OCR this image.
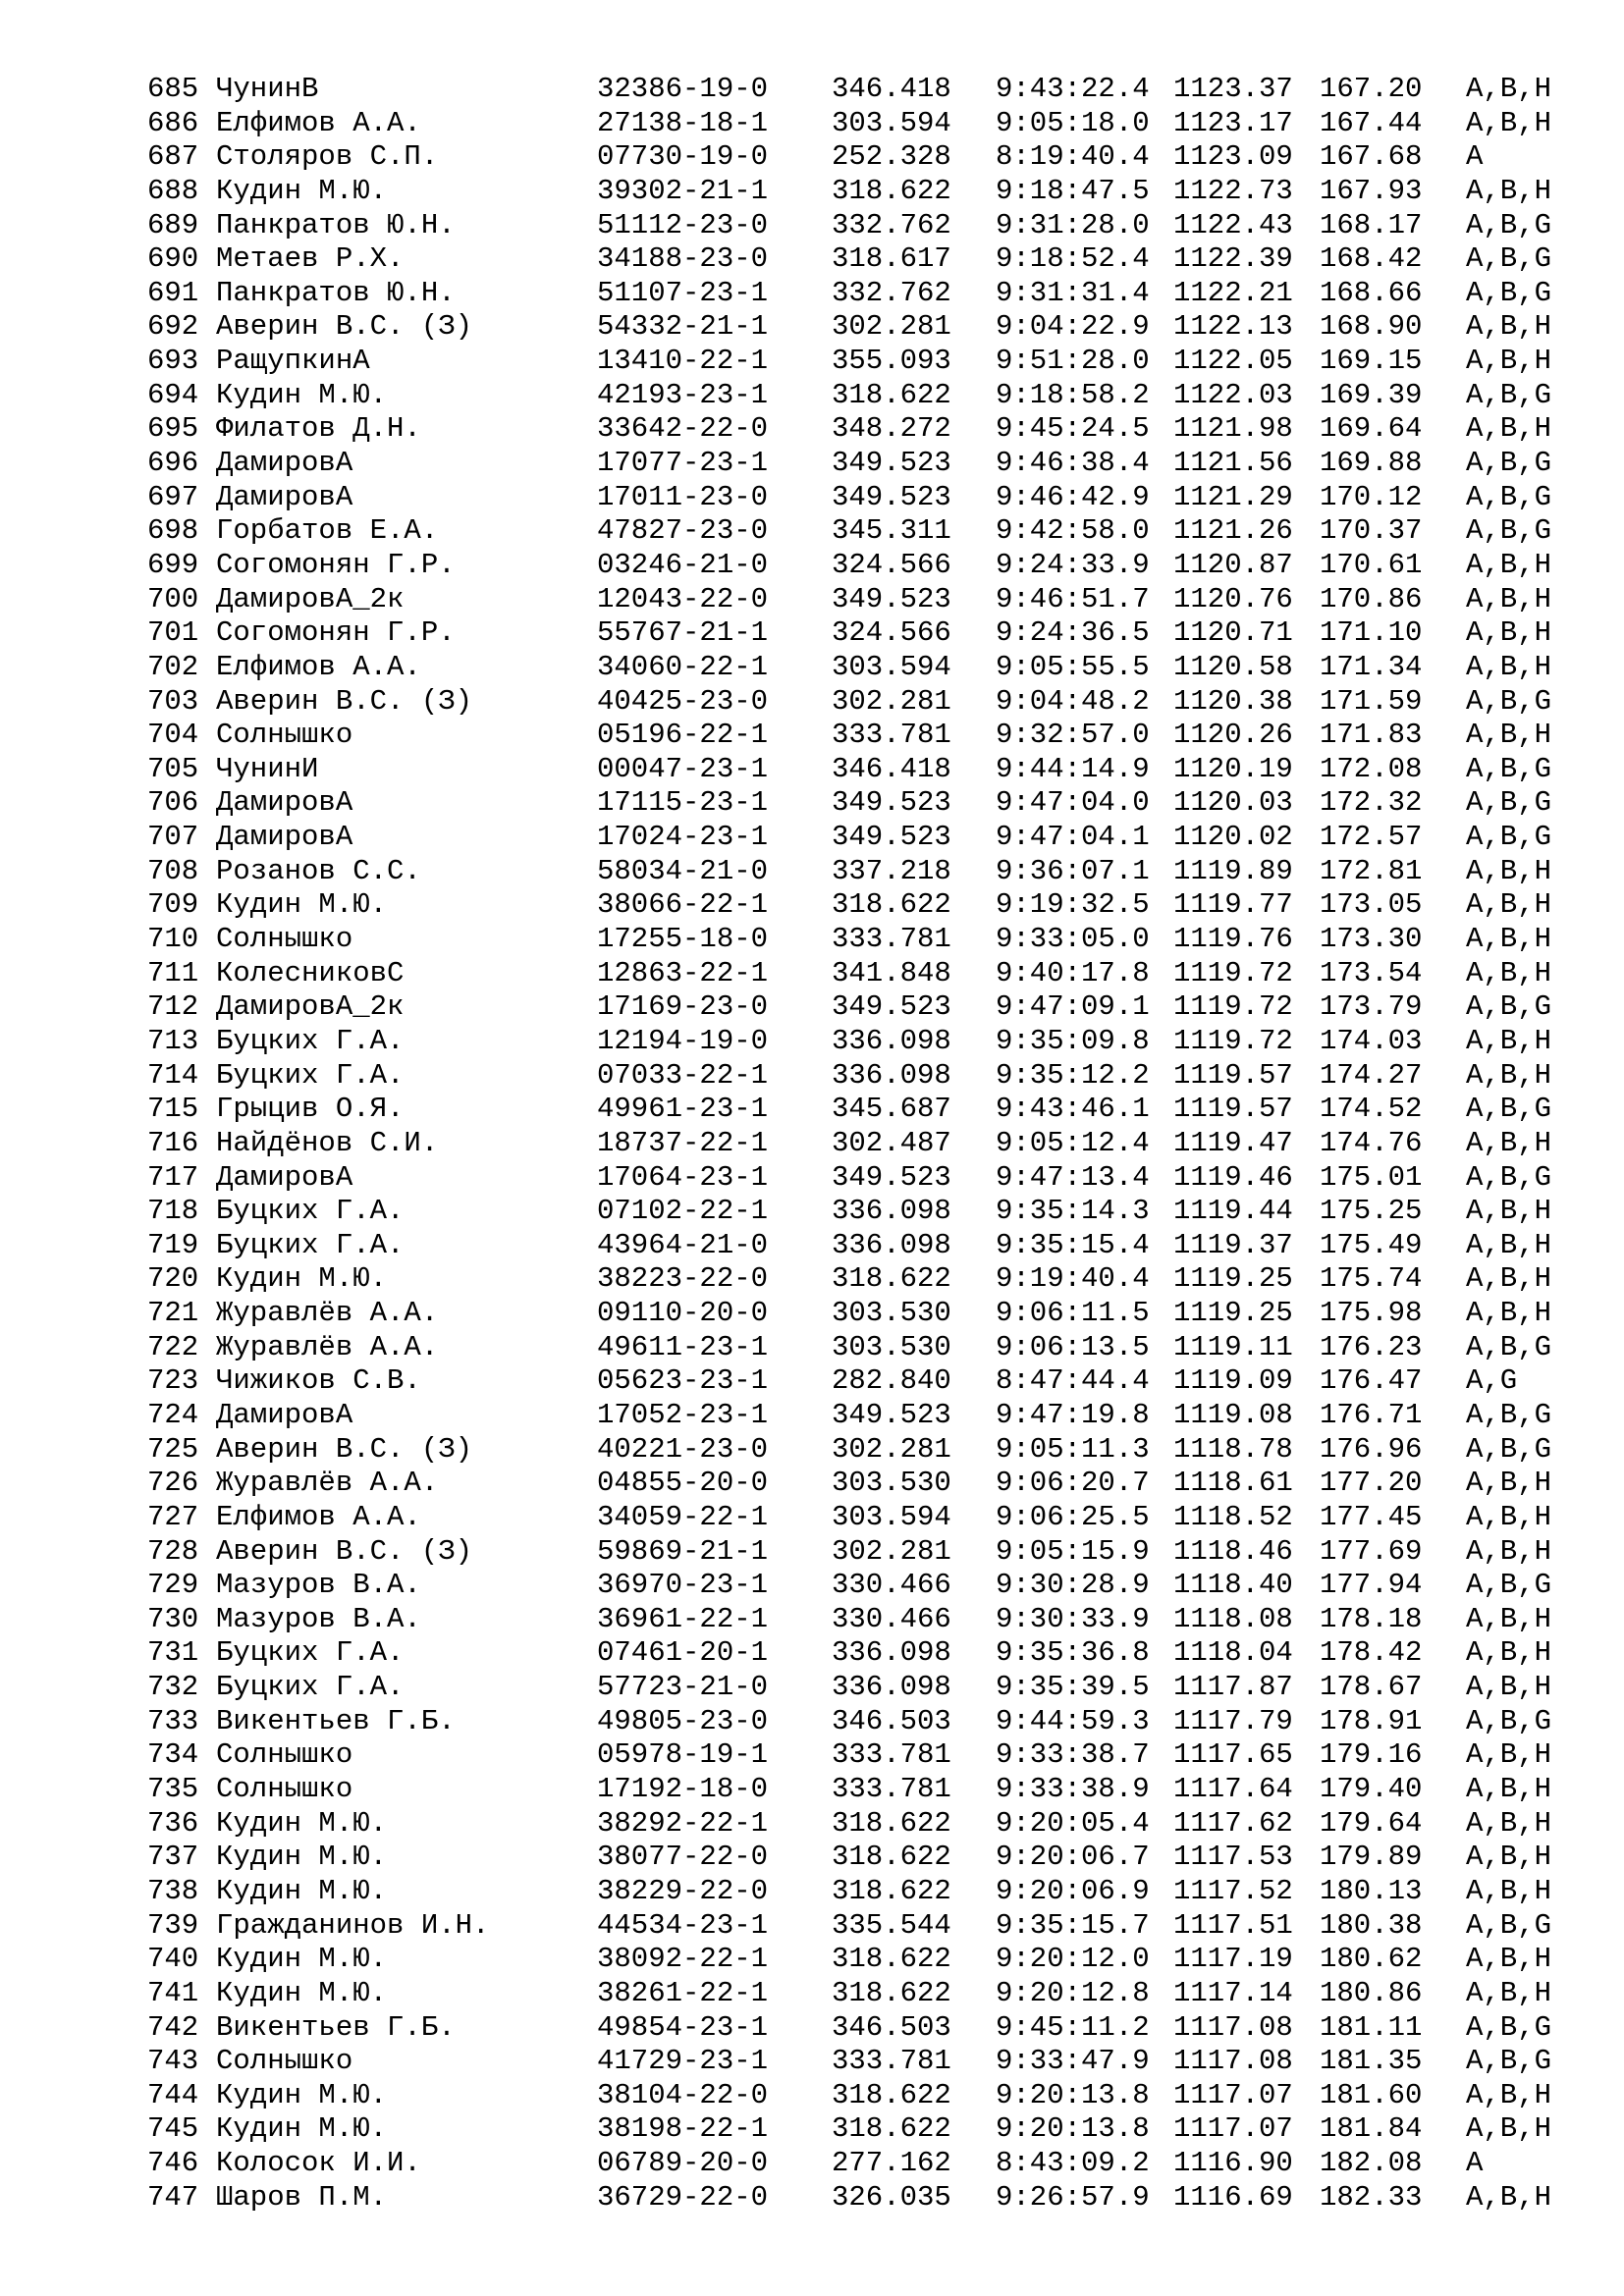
685 ЧунинВ	32386-19-0 346.418 9:43:22.4 1123.37 167.20 A,B,H
686 Елфимов А.А.	27138-18-1 303.594 9:05:18.0 1123.17 167.44 A,B,H
687 Столяров С.П.	07730-19-0 252.328 8:19:40.4 1123.09 167.68 A
688 Кудин М.Ю.	39302-21-1 318.622 9:18:47.5 1122.73 167.93 A,B,H
689 Панкратов Ю.Н.	51112-23-0 332.762 9:31:28.0 1122.43 168.17 A,B,G
690 Метаев Р.Х.	34188-23-0 318.617 9:18:52.4 1122.39 168.42 A,B,G
691 Панкратов Ю.Н.	51107-23-1 332.762 9:31:31.4 1122.21 168.66 A,B,G
692 Аверин В.С. (З)	54332-21-1 302.281 9:04:22.9 1122.13 168.90 A,B,H
693 РащупкинА	13410-22-1 355.093 9:51:28.0 1122.05 169.15 A,B,H
694 Кудин М.Ю.	42193-23-1 318.622 9:18:58.2 1122.03 169.39 A,B,G
695 Филатов Д.Н.	33642-22-0 348.272 9:45:24.5 1121.98 169.64 A,B,H
696 ДамировА	17077-23-1 349.523 9:46:38.4 1121.56 169.88 A,B,G
697 ДамировА	17011-23-0 349.523 9:46:42.9 1121.29 170.12 A,B,G
698 Горбатов Е.А.	47827-23-0 345.311 9:42:58.0 1121.26 170.37 A,B,G
699 Согомонян Г.Р.	03246-21-0 324.566 9:24:33.9 1120.87 170.61 A,B,H
700 ДамировА_2к	12043-22-0 349.523 9:46:51.7 1120.76 170.86 A,B,H
701 Согомонян Г.Р.	55767-21-1 324.566 9:24:36.5 1120.71 171.10 A,B,H
702 Елфимов А.А.	34060-22-1 303.594 9:05:55.5 1120.58 171.34 A,B,H
703 Аверин В.С. (З)	40425-23-0 302.281 9:04:48.2 1120.38 171.59 A,B,G
704 Солнышко	05196-22-1 333.781 9:32:57.0 1120.26 171.83 A,B,H
705 ЧунинИ	00047-23-1 346.418 9:44:14.9 1120.19 172.08 A,B,G
706 ДамировА	17115-23-1 349.523 9:47:04.0 1120.03 172.32 A,B,G
707 ДамировА	17024-23-1 349.523 9:47:04.1 1120.02 172.57 A,B,G
708 Розанов С.С.	58034-21-0 337.218 9:36:07.1 1119.89 172.81 A,B,H
709 Кудин М.Ю.	38066-22-1 318.622 9:19:32.5 1119.77 173.05 A,B,H
710 Солнышко	17255-18-0 333.781 9:33:05.0 1119.76 173.30 A,B,H
711 КолесниковС	12863-22-1 341.848 9:40:17.8 1119.72 173.54 A,B,H
712 ДамировА_2к	17169-23-0 349.523 9:47:09.1 1119.72 173.79 A,B,G
713 Буцких Г.А.	12194-19-0 336.098 9:35:09.8 1119.72 174.03 A,B,H
714 Буцких Г.А.	07033-22-1 336.098 9:35:12.2 1119.57 174.27 A,B,H
715 Грыцив О.Я.	49961-23-1 345.687 9:43:46.1 1119.57 174.52 A,B,G
716 Найдёнов С.И.	18737-22-1 302.487 9:05:12.4 1119.47 174.76 A,B,H
717 ДамировА	17064-23-1 349.523 9:47:13.4 1119.46 175.01 A,B,G
718 Буцких Г.А.	07102-22-1 336.098 9:35:14.3 1119.44 175.25 A,B,H
719 Буцких Г.А.	43964-21-0 336.098 9:35:15.4 1119.37 175.49 A,B,H
720 Кудин М.Ю.	38223-22-0 318.622 9:19:40.4 1119.25 175.74 A,B,H
721 Журавлёв А.А.	09110-20-0 303.530 9:06:11.5 1119.25 175.98 A,B,H
722 Журавлёв А.А.	49611-23-1 303.530 9:06:13.5 1119.11 176.23 A,B,G
723 Чижиков С.В.	05623-23-1 282.840 8:47:44.4 1119.09 176.47 A,G
724 ДамировА	17052-23-1 349.523 9:47:19.8 1119.08 176.71 A,B,G
725 Аверин В.С. (З)	40221-23-0 302.281 9:05:11.3 1118.78 176.96 A,B,G
726 Журавлёв А.А.	04855-20-0 303.530 9:06:20.7 1118.61 177.20 A,B,H
727 Елфимов А.А.	34059-22-1 303.594 9:06:25.5 1118.52 177.45 A,B,H
728 Аверин В.С. (З)	59869-21-1 302.281 9:05:15.9 1118.46 177.69 A,B,H
729 Мазуров В.А.	36970-23-1 330.466 9:30:28.9 1118.40 177.94 A,B,G
730 Мазуров В.А.	36961-22-1 330.466 9:30:33.9 1118.08 178.18 A,B,H
731 Буцких Г.А.	07461-20-1 336.098 9:35:36.8 1118.04 178.42 A,B,H
732 Буцких Г.А.	57723-21-0 336.098 9:35:39.5 1117.87 178.67 A,B,H
733 Викентьев Г.Б.	49805-23-0 346.503 9:44:59.3 1117.79 178.91 A,B,G
734 Солнышко	05978-19-1 333.781 9:33:38.7 1117.65 179.16 A,B,H
735 Солнышко	17192-18-0 333.781 9:33:38.9 1117.64 179.40 A,B,H
736 Кудин М.Ю.	38292-22-1 318.622 9:20:05.4 1117.62 179.64 A,B,H
737 Кудин М.Ю.	38077-22-0 318.622 9:20:06.7 1117.53 179.89 A,B,H
738 Кудин М.Ю.	38229-22-0 318.622 9:20:06.9 1117.52 180.13 A,B,H
739 Гражданинов И.Н.	44534-23-1 335.544 9:35:15.7 1117.51 180.38 A,B,G
740 Кудин М.Ю.	38092-22-1 318.622 9:20:12.0 1117.19 180.62 A,B,H
741 Кудин М.Ю.	38261-22-1 318.622 9:20:12.8 1117.14 180.86 A,B,H
742 Викентьев Г.Б.	49854-23-1 346.503 9:45:11.2 1117.08 181.11 A,B,G
743 Солнышко	41729-23-1 333.781 9:33:47.9 1117.08 181.35 A,B,G
744 Кудин М.Ю.	38104-22-0 318.622 9:20:13.8 1117.07 181.60 A,B,H
745 Кудин М.Ю.	38198-22-1 318.622 9:20:13.8 1117.07 181.84 A,B,H
746 Колосок И.И.	06789-20-0 277.162 8:43:09.2 1116.90 182.08 A
747 Шаров П.М.	36729-22-0 326.035 9:26:57.9 1116.69 182.33 A,B,H
